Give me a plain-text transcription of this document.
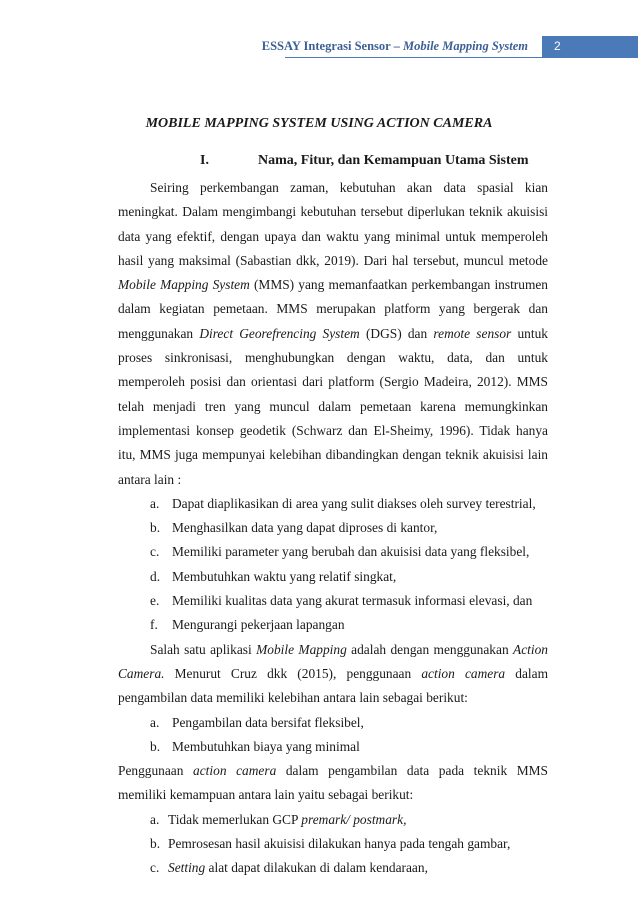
ESSAY Integrasi Sensor – Mobile Mapping System 2
MOBILE MAPPING SYSTEM USING ACTION CAMERA
I.	Nama, Fitur, dan Kemampuan Utama Sistem

Seiring perkembangan zaman, kebutuhan akan data spasial kian meningkat. Dalam mengimbangi kebutuhan tersebut diperlukan teknik akuisisi data yang efektif, dengan upaya dan waktu yang minimal untuk memperoleh hasil yang maksimal (Sabastian dkk, 2019). Dari hal tersebut, muncul metode Mobile Mapping System (MMS) yang memanfaatkan perkembangan instrumen dalam kegiatan pemetaan. MMS merupakan platform yang bergerak dan menggunakan Direct Georefrencing System (DGS) dan remote sensor untuk proses sinkronisasi, menghubungkan dengan waktu, data, dan untuk memperoleh posisi dan orientasi dari platform (Sergio Madeira, 2012). MMS telah menjadi tren yang muncul dalam pemetaan karena memungkinkan implementasi konsep geodetik (Schwarz dan El-Sheimy, 1996). Tidak hanya itu, MMS juga mempunyai kelebihan dibandingkan dengan teknik akuisisi lain antara lain :

a. Dapat diaplikasikan di area yang sulit diakses oleh survey terestrial,
b. Menghasilkan data yang dapat diproses di kantor,
c. Memiliki parameter yang berubah dan akuisisi data yang fleksibel,
d. Membutuhkan waktu yang relatif singkat,
e. Memiliki kualitas data yang akurat termasuk informasi elevasi, dan
f. Mengurangi pekerjaan lapangan

Salah satu aplikasi Mobile Mapping adalah dengan menggunakan Action Camera. Menurut Cruz dkk (2015), penggunaan action camera dalam pengambilan data memiliki kelebihan antara lain sebagai berikut:

a. Pengambilan data bersifat fleksibel,
b. Membutuhkan biaya yang minimal

Penggunaan action camera dalam pengambilan data pada teknik MMS memiliki kemampuan antara lain yaitu sebagai berikut:

a. Tidak memerlukan GCP premark/ postmark,
b. Pemrosesan hasil akuisisi dilakukan hanya pada tengah gambar,
c. Setting alat dapat dilakukan di dalam kendaraan,
